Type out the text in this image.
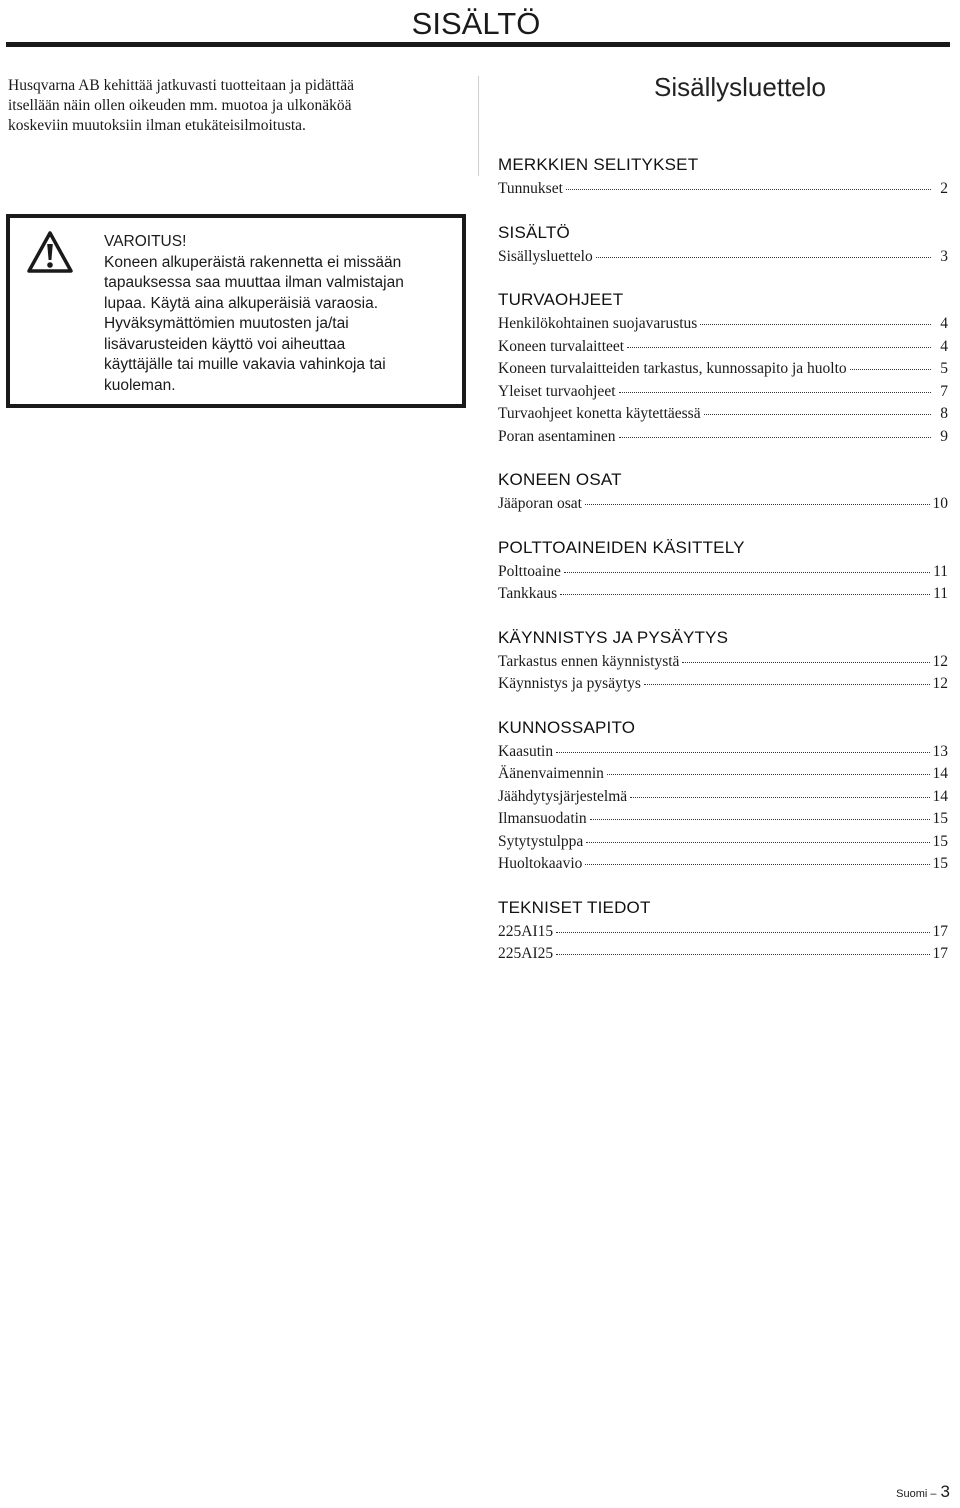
SISÄLTÖ
Husqvarna AB kehittää jatkuvasti tuotteitaan ja pidättää
itsellään näin ollen oikeuden mm. muotoa ja ulkonäköä
koskeviin muutoksiin ilman etukäteisilmoitusta.
VAROITUS!
Koneen alkuperäistä rakennetta ei missään
tapauksessa saa muuttaa ilman valmistajan
lupaa. Käytä aina alkuperäisiä varaosia.
Hyväksymättömien muutosten ja/tai
lisävarusteiden käyttö voi aiheuttaa
käyttäjälle tai muille vakavia vahinkoja tai
kuoleman.
Sisällysluettelo
MERKKIEN SELITYKSET
Tunnukset	2
SISÄLTÖ
Sisällysluettelo	3
TURVAOHJEET
Henkilökohtainen suojavarustus	4
Koneen turvalaitteet	4
Koneen turvalaitteiden tarkastus, kunnossapito ja huolto	5
Yleiset turvaohjeet	7
Turvaohjeet konetta käytettäessä	8
Poran asentaminen	9
KONEEN OSAT
Jääporan osat	10
POLTTOAINEIDEN KÄSITTELY
Polttoaine	11
Tankkaus	11
KÄYNNISTYS JA PYSÄYTYS
Tarkastus ennen käynnistystä	12
Käynnistys ja pysäytys	12
KUNNOSSAPITO
Kaasutin	13
Äänenvaimennin	14
Jäähdytysjärjestelmä	14
Ilmansuodatin	15
Sytytystulppa	15
Huoltokaavio	15
TEKNISET TIEDOT
225AI15	17
225AI25	17
Suomi – 3
